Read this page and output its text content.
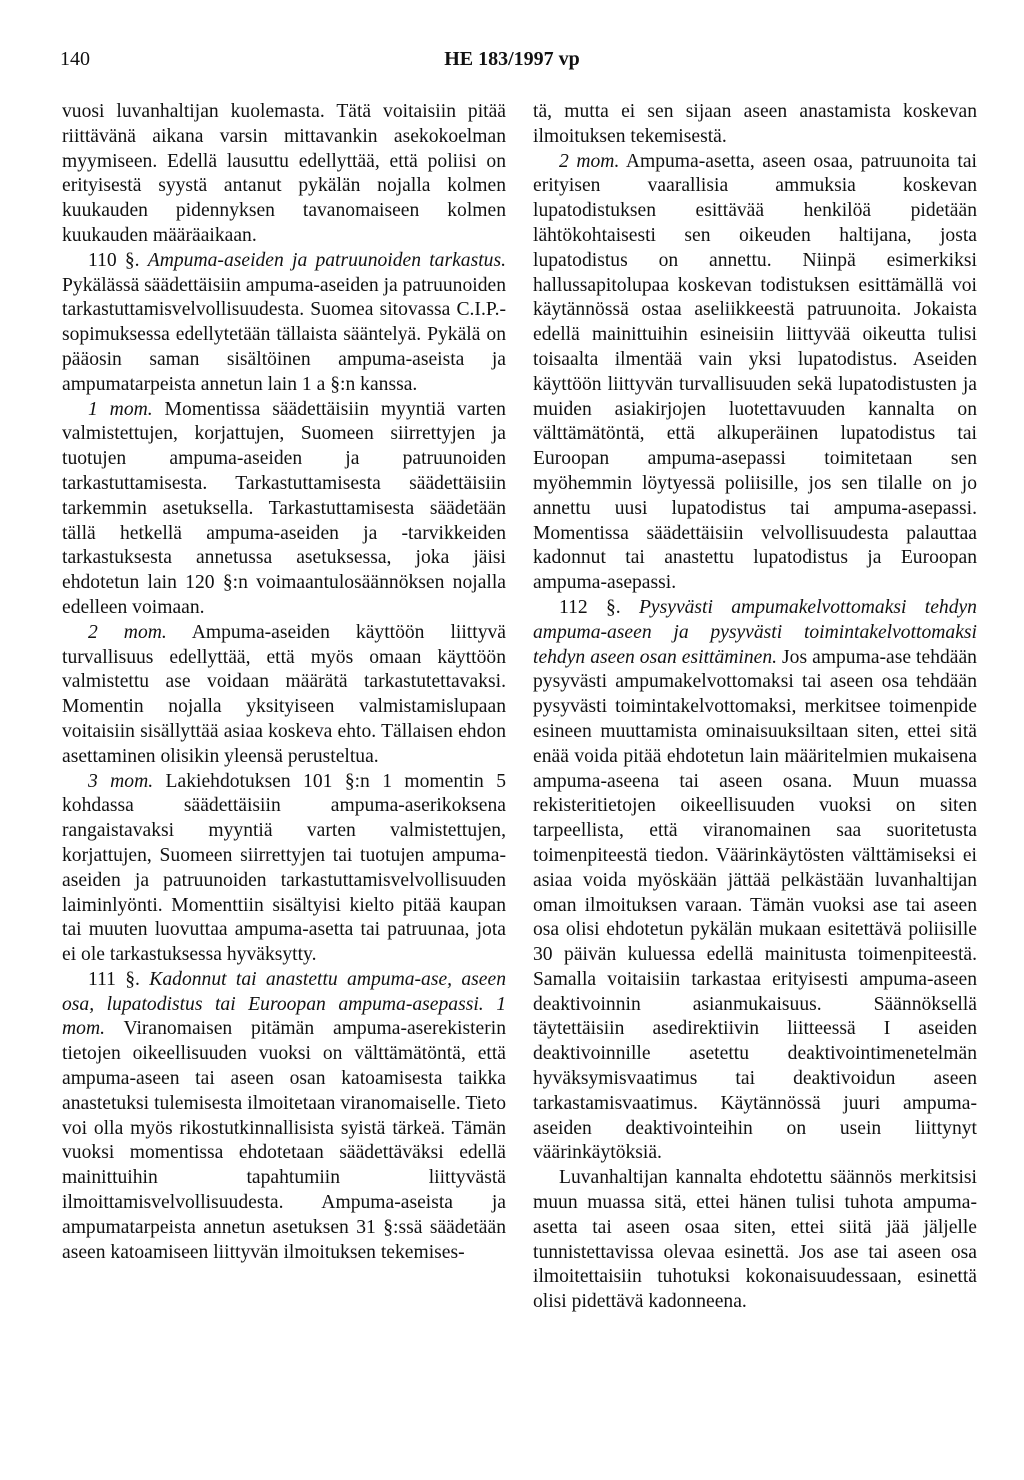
140	HE 183/1997 vp

vuosi luvanhaltijan kuolemasta. Tätä voitaisiin pitää riittävänä aikana varsin mittavankin asekokoelman myymiseen. Edellä lausuttu edellyttää, että poliisi on erityisestä syystä antanut pykälän nojalla kolmen kuukauden pidennyksen tavanomaiseen kolmen kuukauden määräaikaan.

110 §. Ampuma-aseiden ja patruunoiden tarkastus. Pykälässä säädettäisiin ampuma-aseiden ja patruunoiden tarkastuttamisvelvollisuudesta. Suomea sitovassa C.I.P.-sopimuksessa edellytetään tällaista sääntelyä. Pykälä on pääosin saman sisältöinen ampuma-aseista ja ampumatarpeista annetun lain 1 a §:n kanssa.

1 mom. Momentissa säädettäisiin myyntiä varten valmistettujen, korjattujen, Suomeen siirrettyjen ja tuotujen ampuma-aseiden ja patruunoiden tarkastuttamisesta. Tarkastuttamisesta säädettäisiin tarkemmin asetuksella. Tarkastuttamisesta säädetään tällä hetkellä ampuma-aseiden ja -tarvikkeiden tarkastuksesta annetussa asetuksessa, joka jäisi ehdotetun lain 120 §:n voimaantulosäännöksen nojalla edelleen voimaan.

2 mom. Ampuma-aseiden käyttöön liittyvä turvallisuus edellyttää, että myös omaan käyttöön valmistettu ase voidaan määrätä tarkastutettavaksi. Momentin nojalla yksityiseen valmistamislupaan voitaisiin sisällyttää asiaa koskeva ehto. Tällaisen ehdon asettaminen olisikin yleensä perusteltua.

3 mom. Lakiehdotuksen 101 §:n 1 momentin 5 kohdassa säädettäisiin ampuma-aserikoksena rangaistavaksi myyntiä varten valmistettujen, korjattujen, Suomeen siirrettyjen tai tuotujen ampuma-aseiden ja patruunoiden tarkastuttamisvelvollisuuden laiminlyönti. Momenttiin sisältyisi kielto pitää kaupan tai muuten luovuttaa ampuma-asetta tai patruunaa, jota ei ole tarkastuksessa hyväksytty.

111 §. Kadonnut tai anastettu ampuma-ase, aseen osa, lupatodistus tai Euroopan ampuma-asepassi. 1 mom. Viranomaisen pitämän ampuma-aserekisterin tietojen oikeellisuuden vuoksi on välttämätöntä, että ampuma-aseen tai aseen osan katoamisesta taikka anastetuksi tulemisesta ilmoitetaan viranomaiselle. Tieto voi olla myös rikostutkinnallisista syistä tärkeä. Tämän vuoksi momentissa ehdotetaan säädettäväksi edellä mainittuihin tapahtumiin liittyvästä ilmoittamisvelvollisuudesta. Ampuma-aseista ja ampumatarpeista annetun asetuksen 31 §:ssä säädetään aseen katoamiseen liittyvän ilmoituksen tekemises-

tä, mutta ei sen sijaan aseen anastamista koskevan ilmoituksen tekemisestä.

2 mom. Ampuma-asetta, aseen osaa, patruunoita tai erityisen vaarallisia ammuksia koskevan lupatodistuksen esittävää henkilöä pidetään lähtökohtaisesti sen oikeuden haltijana, josta lupatodistus on annettu. Niinpä esimerkiksi hallussapitolupaa koskevan todistuksen esittämällä voi käytännössä ostaa aseliikkeestä patruunoita. Jokaista edellä mainittuihin esineisiin liittyvää oikeutta tulisi toisaalta ilmentää vain yksi lupatodistus. Aseiden käyttöön liittyvän turvallisuuden sekä lupatodistusten ja muiden asiakirjojen luotettavuuden kannalta on välttämätöntä, että alkuperäinen lupatodistus tai Euroopan ampuma-asepassi toimitetaan sen myöhemmin löytyessä poliisille, jos sen tilalle on jo annettu uusi lupatodistus tai ampuma-asepassi. Momentissa säädettäisiin velvollisuudesta palauttaa kadonnut tai anastettu lupatodistus ja Euroopan ampuma-asepassi.

112 §. Pysyvästi ampumakelvottomaksi tehdyn ampuma-aseen ja pysyvästi toimintakelvottomaksi tehdyn aseen osan esittäminen. Jos ampuma-ase tehdään pysyvästi ampumakelvottomaksi tai aseen osa tehdään pysyvästi toimintakelvottomaksi, merkitsee toimenpide esineen muuttamista ominaisuuksiltaan siten, ettei sitä enää voida pitää ehdotetun lain määritelmien mukaisena ampuma-aseena tai aseen osana. Muun muassa rekisteritietojen oikeellisuuden vuoksi on siten tarpeellista, että viranomainen saa suoritetusta toimenpiteestä tiedon. Väärinkäytösten välttämiseksi ei asiaa voida myöskään jättää pelkästään luvanhaltijan oman ilmoituksen varaan. Tämän vuoksi ase tai aseen osa olisi ehdotetun pykälän mukaan esitettävä poliisille 30 päivän kuluessa edellä mainitusta toimenpiteestä. Samalla voitaisiin tarkastaa erityisesti ampuma-aseen deaktivoinnin asianmukaisuus. Säännöksellä täytettäisiin asedirektiivin liitteessä I aseiden deaktivoinnille asetettu deaktivointimenetelmän hyväksymisvaatimus tai deaktivoidun aseen tarkastamisvaatimus. Käytännössä juuri ampuma-aseiden deaktivointeihin on usein liittynyt väärinkäytöksiä.

Luvanhaltijan kannalta ehdotettu säännös merkitsisi muun muassa sitä, ettei hänen tulisi tuhota ampuma-asetta tai aseen osaa siten, ettei siitä jää jäljelle tunnistettavissa olevaa esinettä. Jos ase tai aseen osa ilmoitettaisiin tuhotuksi kokonaisuudessaan, esinettä olisi pidettävä kadonneena.
